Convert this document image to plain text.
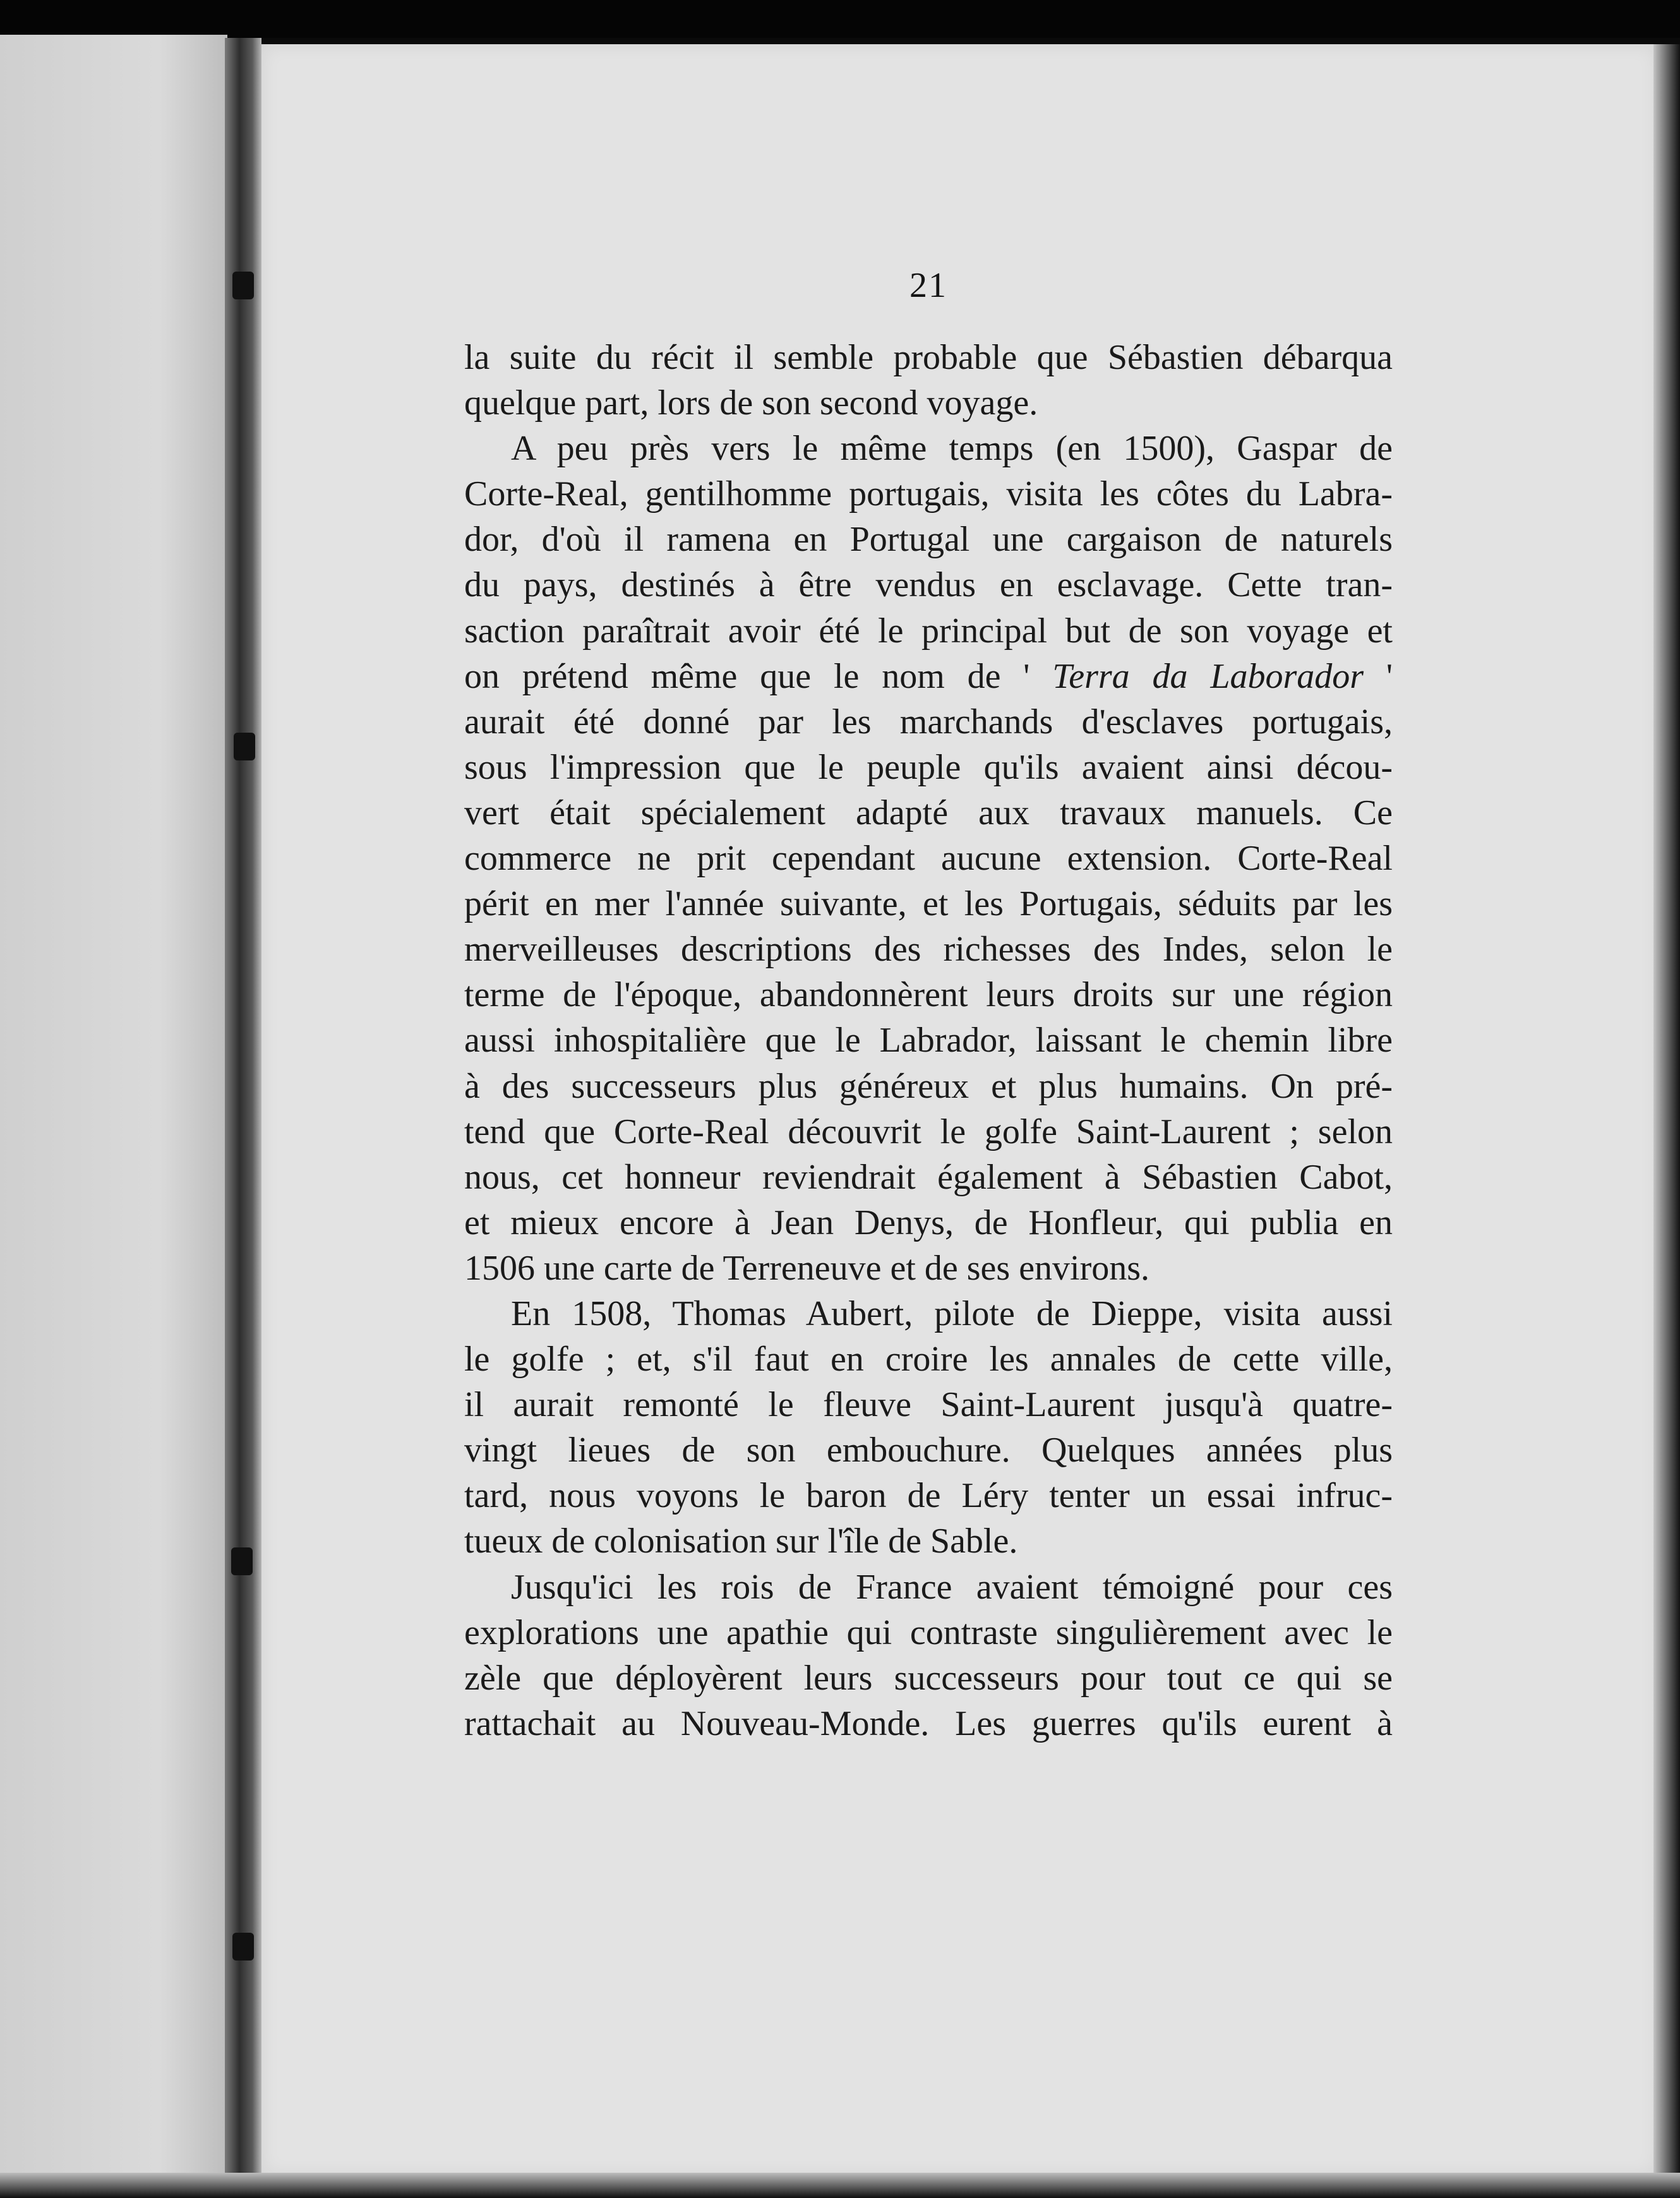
21

la suite du récit il semble probable que Sébastien débarqua
quelque part, lors de son second voyage.

A peu près vers le même temps (en 1500), Gaspar de
Corte-Real, gentilhomme portugais, visita les côtes du Labra-
dor, d'où il ramena en Portugal une cargaison de naturels
du pays, destinés à être vendus en esclavage. Cette tran-
saction paraîtrait avoir été le principal but de son voyage et
on prétend même que le nom de ' Terra da Laborador '
aurait été donné par les marchands d'esclaves portugais,
sous l'impression que le peuple qu'ils avaient ainsi décou-
vert était spécialement adapté aux travaux manuels. Ce
commerce ne prit cependant aucune extension. Corte-Real
périt en mer l'année suivante, et les Portugais, séduits par les
merveilleuses descriptions des richesses des Indes, selon le
terme de l'époque, abandonnèrent leurs droits sur une région
aussi inhospitalière que le Labrador, laissant le chemin libre
à des successeurs plus généreux et plus humains. On pré-
tend que Corte-Real découvrit le golfe Saint-Laurent ; selon
nous, cet honneur reviendrait également à Sébastien Cabot,
et mieux encore à Jean Denys, de Honfleur, qui publia en
1506 une carte de Terreneuve et de ses environs.

En 1508, Thomas Aubert, pilote de Dieppe, visita aussi
le golfe ; et, s'il faut en croire les annales de cette ville,
il aurait remonté le fleuve Saint-Laurent jusqu'à quatre-
vingt lieues de son embouchure. Quelques années plus
tard, nous voyons le baron de Léry tenter un essai infruc-
tueux de colonisation sur l'île de Sable.

Jusqu'ici les rois de France avaient témoigné pour ces
explorations une apathie qui contraste singulièrement avec le
zèle que déployèrent leurs successeurs pour tout ce qui se
rattachait au Nouveau-Monde. Les guerres qu'ils eurent à
